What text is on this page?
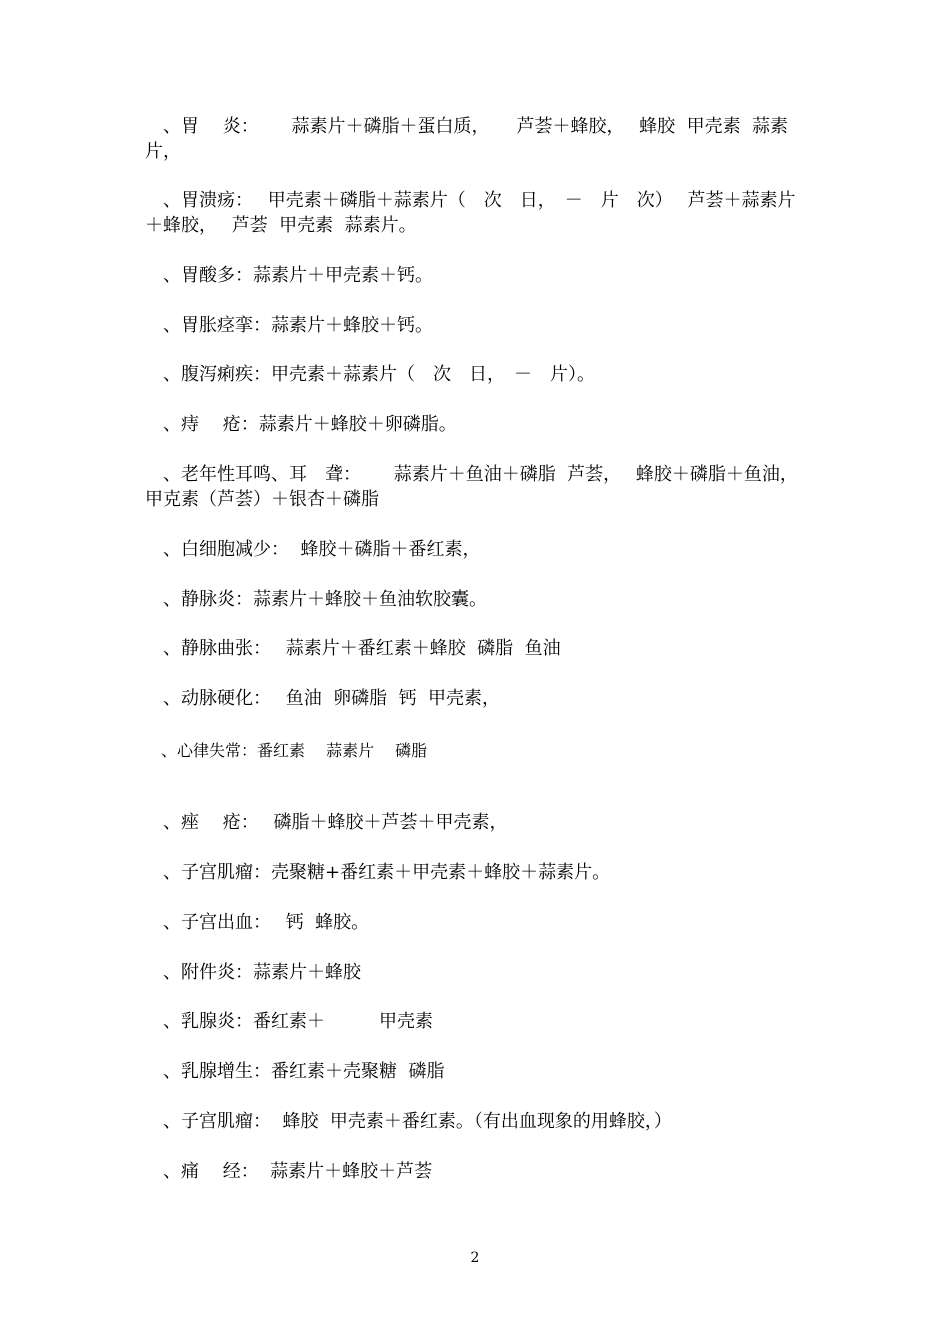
　、胃　 炎：　　 蒜素片＋磷脂＋蛋白质，　　芦荟＋蜂胶，　 蜂胶  甲壳素  蒜素片，
　、胃溃疡：　 甲壳素＋磷脂＋蒜素片（　次　日，　－　片　次）　 芦荟＋蒜素片＋蜂胶，　 芦荟  甲壳素  蒜素片。
　、胃酸多：蒜素片＋甲壳素＋钙。
　、胃胀痉挛：蒜素片＋蜂胶＋钙。
　、腹泻痢疾：甲壳素＋蒜素片（　次　日，　－　片）。
　、痔　 疮：蒜素片＋蜂胶＋卵磷脂。
　、老年性耳鸣、耳　聋：　　 蒜素片＋鱼油＋磷脂  芦荟，　 蜂胶＋磷脂＋鱼油，　　甲克素（芦荟）＋银杏＋磷脂
　、白细胞减少：  蜂胶＋磷脂＋番红素，
　、静脉炎：蒜素片＋蜂胶＋鱼油软胶囊。
　、静脉曲张：　 蒜素片＋番红素＋蜂胶  磷脂  鱼油
　、动脉硬化：　 鱼油  卵磷脂  钙  甲壳素，
　、心律失常：番红素　 蒜素片　 磷脂
　、痤　 疮：　 磷脂＋蜂胶＋芦荟＋甲壳素，
　、子宫肌瘤：壳聚糖+番红素＋甲壳素＋蜂胶＋蒜素片。
　、子宫出血：　 钙  蜂胶。
　、附件炎：蒜素片＋蜂胶
　、乳腺炎：番红素＋　　　甲壳素
　、乳腺增生：番红素＋壳聚糖  磷脂
　、子宫肌瘤：  蜂胶  甲壳素＋番红素。（有出血现象的用蜂胶，）
　、痛　 经：  蒜素片＋蜂胶＋芦荟
2
